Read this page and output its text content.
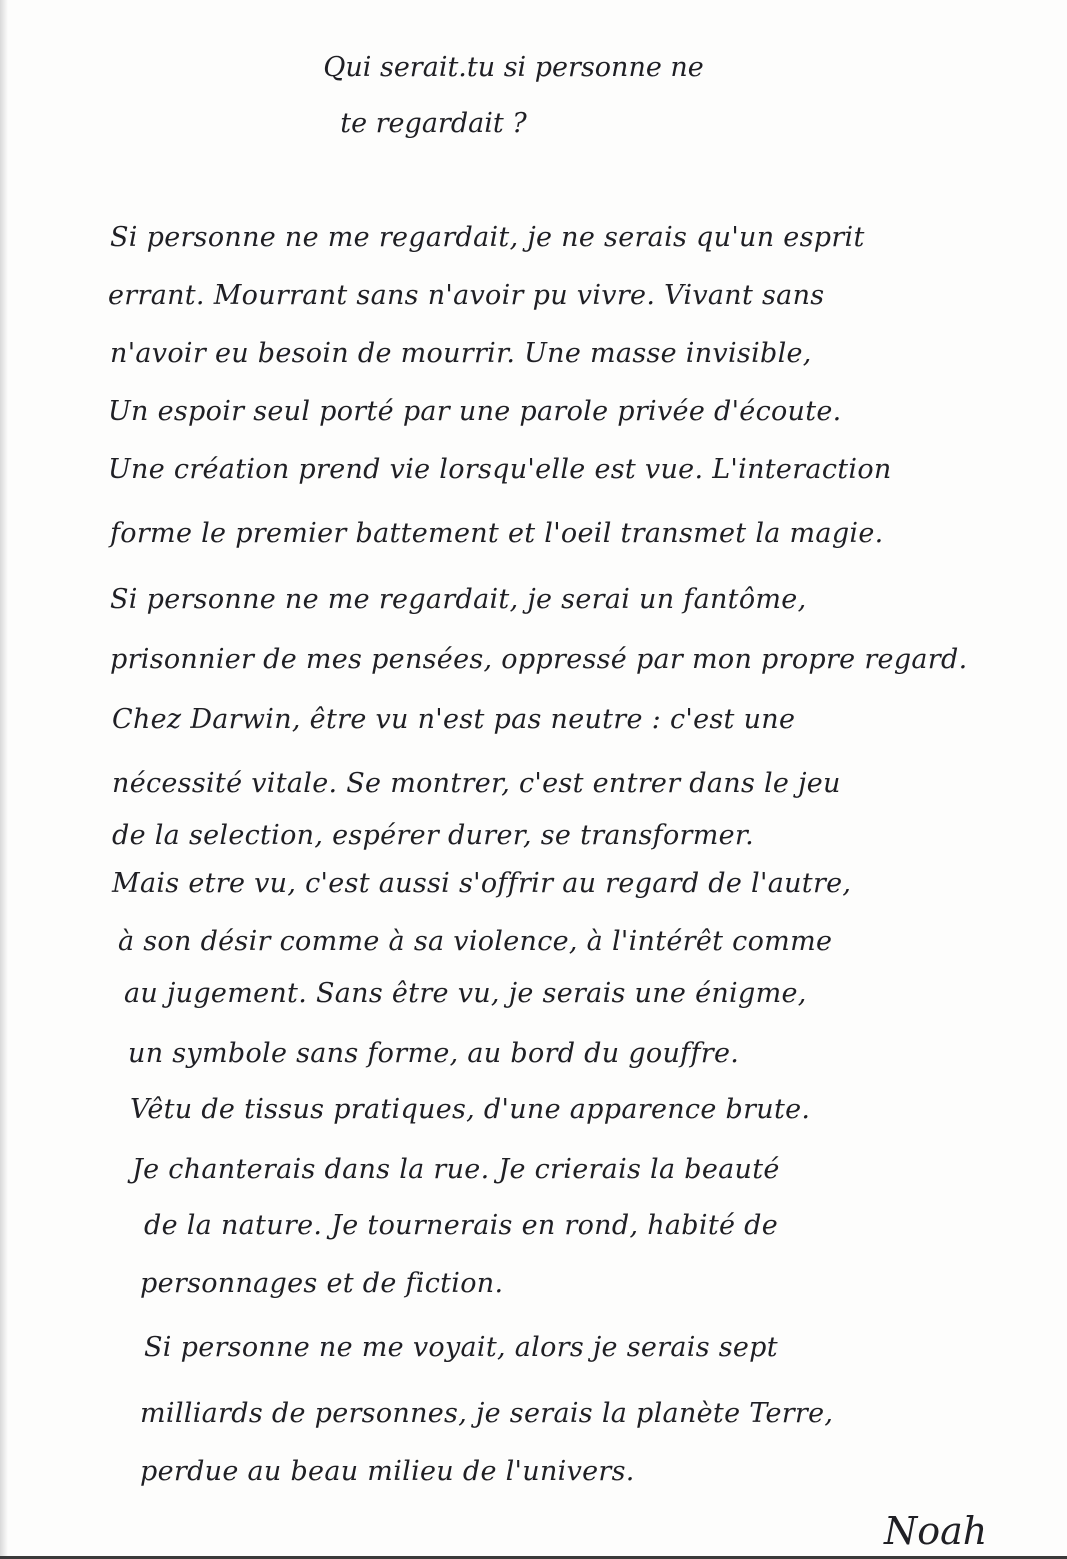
Qui serait.tu si personne ne
te regardait ?
Si personne ne me regardait, je ne serais qu'un esprit
errant. Mourrant sans n'avoir pu vivre. Vivant sans
n'avoir eu besoin de mourrir. Une masse invisible,
Un espoir seul porté par une parole privée d'écoute.
Une création prend vie lorsqu'elle est vue. L'interaction
forme le premier battement et l'oeil transmet la magie.
Si personne ne me regardait, je serai un fantôme,
prisonnier de mes pensées, oppressé par mon propre regard.
Chez Darwin, être vu n'est pas neutre : c'est une
nécessité vitale. Se montrer, c'est entrer dans le jeu
de la selection, espérer durer, se transformer.
Mais etre vu, c'est aussi s'offrir au regard de l'autre,
à son désir comme à sa violence, à l'intérêt comme
au jugement. Sans être vu, je serais une énigme,
un symbole sans forme, au bord du gouffre.
Vêtu de tissus pratiques, d'une apparence brute.
Je chanterais dans la rue. Je crierais la beauté
de la nature. Je tournerais en rond, habité de
personnages et de fiction.
Si personne ne me voyait, alors je serais sept
milliards de personnes, je serais la planète Terre,
perdue au beau milieu de l'univers.
Noah
